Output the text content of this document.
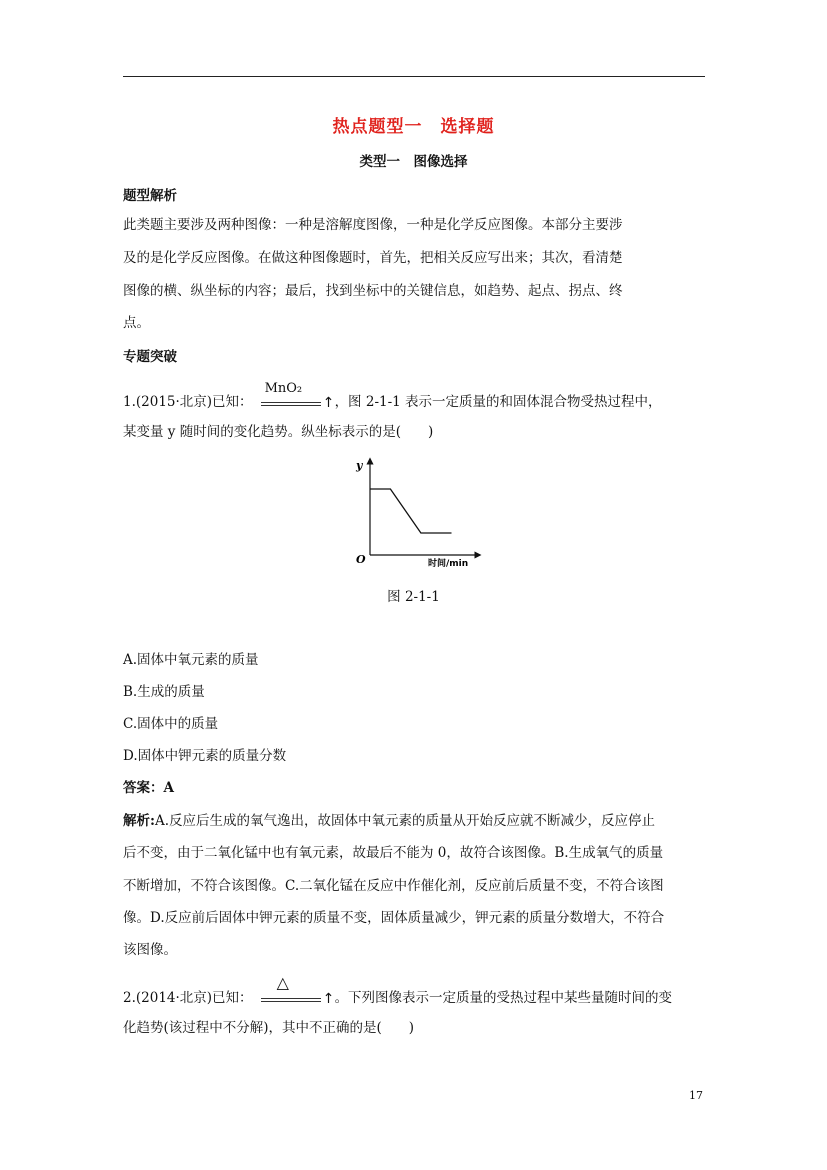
热点题型一　选择题
类型一　图像选择
题型解析
此类题主要涉及两种图像：一种是溶解度图像，一种是化学反应图像。本部分主要涉
及的是化学反应图像。在做这种图像题时，首先，把相关反应写出来；其次，看清楚
图像的横、纵坐标的内容；最后，找到坐标中的关键信息，如趋势、起点、拐点、终
点。
专题突破
1.(2015·北京)已知：
MnO₂
↑ ，图 2-1-1 表示一定质量的和固体混合物受热过程中，
某变量 y 随时间的变化趋势。纵坐标表示的是(　　)
y
O	时间/min
图 2-1-1
A.固体中氧元素的质量
B.生成的质量
C.固体中的质量
D.固体中钾元素的质量分数
答案：A
解析:A.反应后生成的氧气逸出，故固体中氧元素的质量从开始反应就不断减少，反应停止
后不变，由于二氧化锰中也有氧元素，故最后不能为 0，故符合该图像。B.生成氧气的质量
不断增加，不符合该图像。C.二氧化锰在反应中作催化剂，反应前后质量不变，不符合该图
像。D.反应前后固体中钾元素的质量不变，固体质量减少，钾元素的质量分数增大，不符合
该图像。
2.(2014·北京)已知：
△
↑ 。下列图像表示一定质量的受热过程中某些量随时间的变
化趋势(该过程中不分解)，其中不正确的是(　　)
17
